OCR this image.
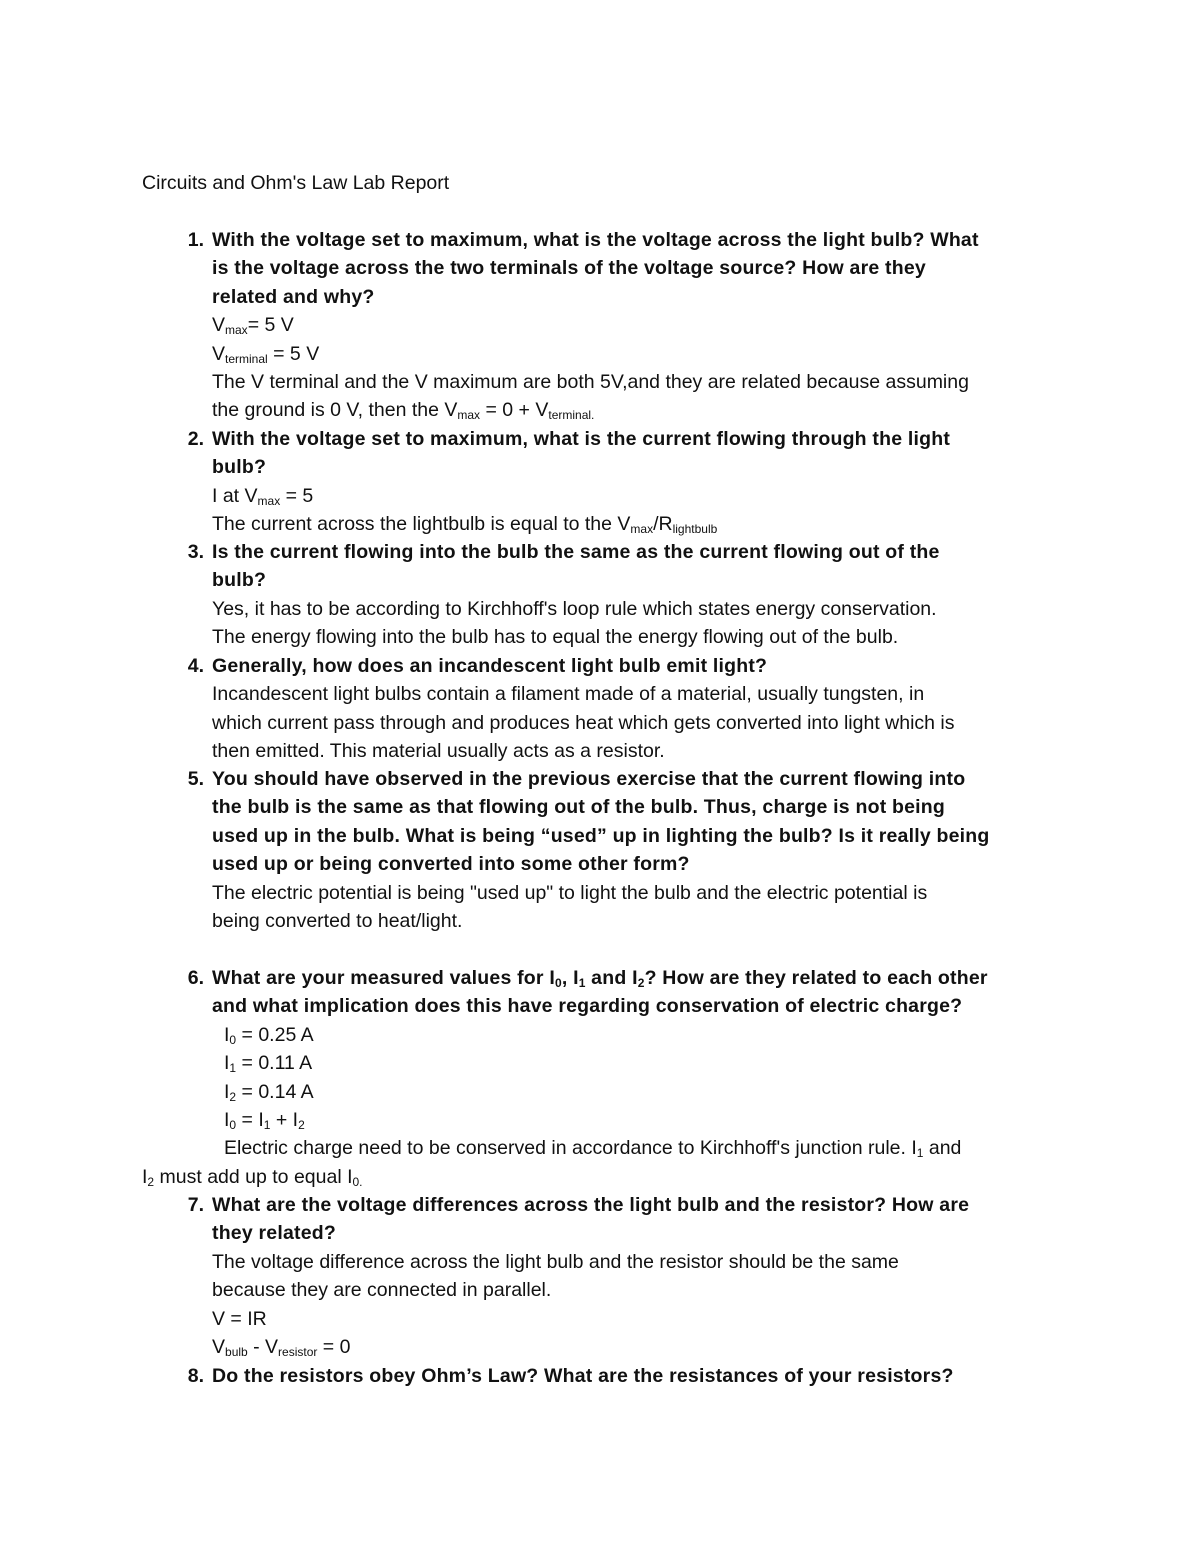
Circuits and Ohm's Law Lab Report
1. With the voltage set to maximum, what is the voltage across the light bulb? What
is the voltage across the two terminals of the voltage source? How are they
related and why?
$V_{max}= 5$ V
$V_{terminal} = 5$ V
The V terminal and the V maximum are both 5V,and they are related because assuming
the ground is 0 V, then the $V_{max} = 0 + V_{terminal.}$
2. With the voltage set to maximum, what is the current flowing through the light
bulb?
I at $V_{max} = 5$
The current across the lightbulb is equal to the $V_{max}/R_{lightbulb}$
3. Is the current flowing into the bulb the same as the current flowing out of the
bulb?
Yes, it has to be according to Kirchhoff's loop rule which states energy conservation.
The energy flowing into the bulb has to equal the energy flowing out of the bulb.
4. Generally, how does an incandescent light bulb emit light?
Incandescent light bulbs contain a filament made of a material, usually tungsten, in
which current pass through and produces heat which gets converted into light which is
then emitted. This material usually acts as a resistor.
5. You should have observed in the previous exercise that the current flowing into
the bulb is the same as that flowing out of the bulb. Thus, charge is not being
used up in the bulb. What is being “used” up in lighting the bulb? Is it really being
used up or being converted into some other form?
The electric potential is being "used up" to light the bulb and the electric potential is
being converted to heat/light.
6. What are your measured values for $I_0$, $I_1$ and $I_2$? How are they related to each other
and what implication does this have regarding conservation of electric charge?
$I_0 = 0.25$ A
$I_1 = 0.11$ A
$I_2 = 0.14$ A
$I_0 = I_1 + I_2$
Electric charge need to be conserved in accordance to Kirchhoff's junction rule. $I_1$ and
$I_2$ must add up to equal $I_{0.}$
7. What are the voltage differences across the light bulb and the resistor? How are
they related?
The voltage difference across the light bulb and the resistor should be the same
because they are connected in parallel.
V = IR
$V_{bulb} - V_{resistor} = 0$
8. Do the resistors obey Ohm’s Law? What are the resistances of your resistors?
